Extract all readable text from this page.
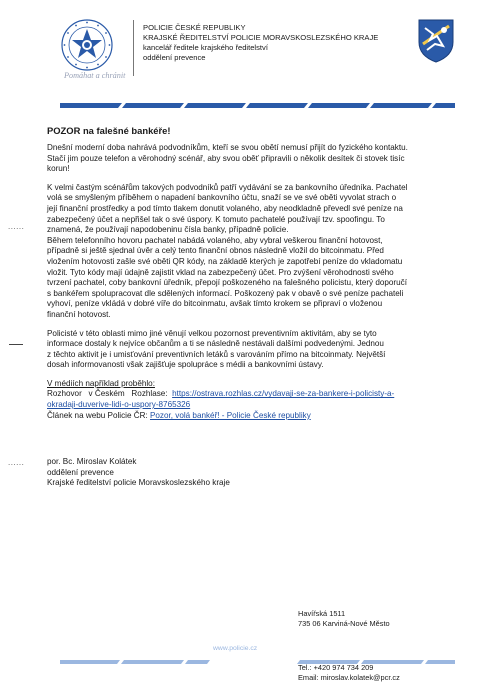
Pomáhat a chránit
POLICIE ČESKÉ REPUBLIKY
KRAJSKÉ ŘEDITELSTVÍ POLICIE MORAVSKOSLEZSKÉHO KRAJE
kancelář ředitele krajského ředitelství
oddělení prevence
POZOR na falešné bankéře!

Dnešní moderní doba nahrává podvodníkům, kteří se svou obětí nemusí přijít do fyzického kontaktu.
Stačí jim pouze telefon a věrohodný scénář, aby svou oběť připravili o několik desítek či stovek tisíc
korun!

K velmi častým scénářům takových podvodníků patří vydávání se za bankovního úředníka. Pachatel
volá se smyšleným příběhem o napadení bankovního účtu, snaží se ve své oběti vyvolat strach o
její finanční prostředky a pod tímto tlakem donutit volaného, aby neodkladně převedl své peníze na
zabezpečený účet a nepřišel tak o své úspory. K tomuto pachatelé používají tzv. spoofingu. To
znamená, že používají napodobeninu čísla banky, případně policie.
Během telefonního hovoru pachatel nabádá volaného, aby vybral veškerou finanční hotovost,
případně si ještě sjednal úvěr a celý tento finanční obnos následně vložil do bitcoinmatu. Před
vložením hotovosti zašle své oběti QR kódy, na základě kterých je zapotřebí peníze do vkladomatu
vložit. Tyto kódy mají údajně zajistit vklad na zabezpečený účet. Pro zvýšení věrohodnosti svého
tvrzení pachatel, coby bankovní úředník, přepojí poškozeného na falešného policistu, který doporučí
s bankéřem spolupracovat dle sdělených informací. Poškozený pak v obavě o své peníze pachateli
vyhoví, peníze vkládá v dobré víře do bitcoinmatu, avšak tímto krokem se připraví o vloženou
finanční hotovost.

Policisté v této oblasti mimo jiné věnují velkou pozornost preventivním aktivitám, aby se tyto
informace dostaly k nejvíce občanům a ti se následně nestávali dalšími podvedenými. Jednou
z těchto aktivit je i umisťování preventivních letáků s varováním přímo na bitcoinmaty. Největší
dosah informovanosti však zajišťuje spolupráce s médii a bankovními ústavy.

V médiích například proběhlo:
Rozhovor   v Českém   Rozhlase: https://ostrava.rozhlas.cz/vydavaji-se-za-bankere-i-policisty-a-
okradaji-duverive-lidi-o-uspory-8765326
Článek na webu Policie ČR: Pozor, volá bankéř! - Policie České republiky
por. Bc. Miroslav Kolátek
oddělení prevence
Krajské ředitelství policie Moravskoslezského kraje
......
......
Havířská 1511
735 06 Karviná-Nové Město
www.policie.cz
Tel.: +420 974 734 209
Email: miroslav.kolatek@pcr.cz
